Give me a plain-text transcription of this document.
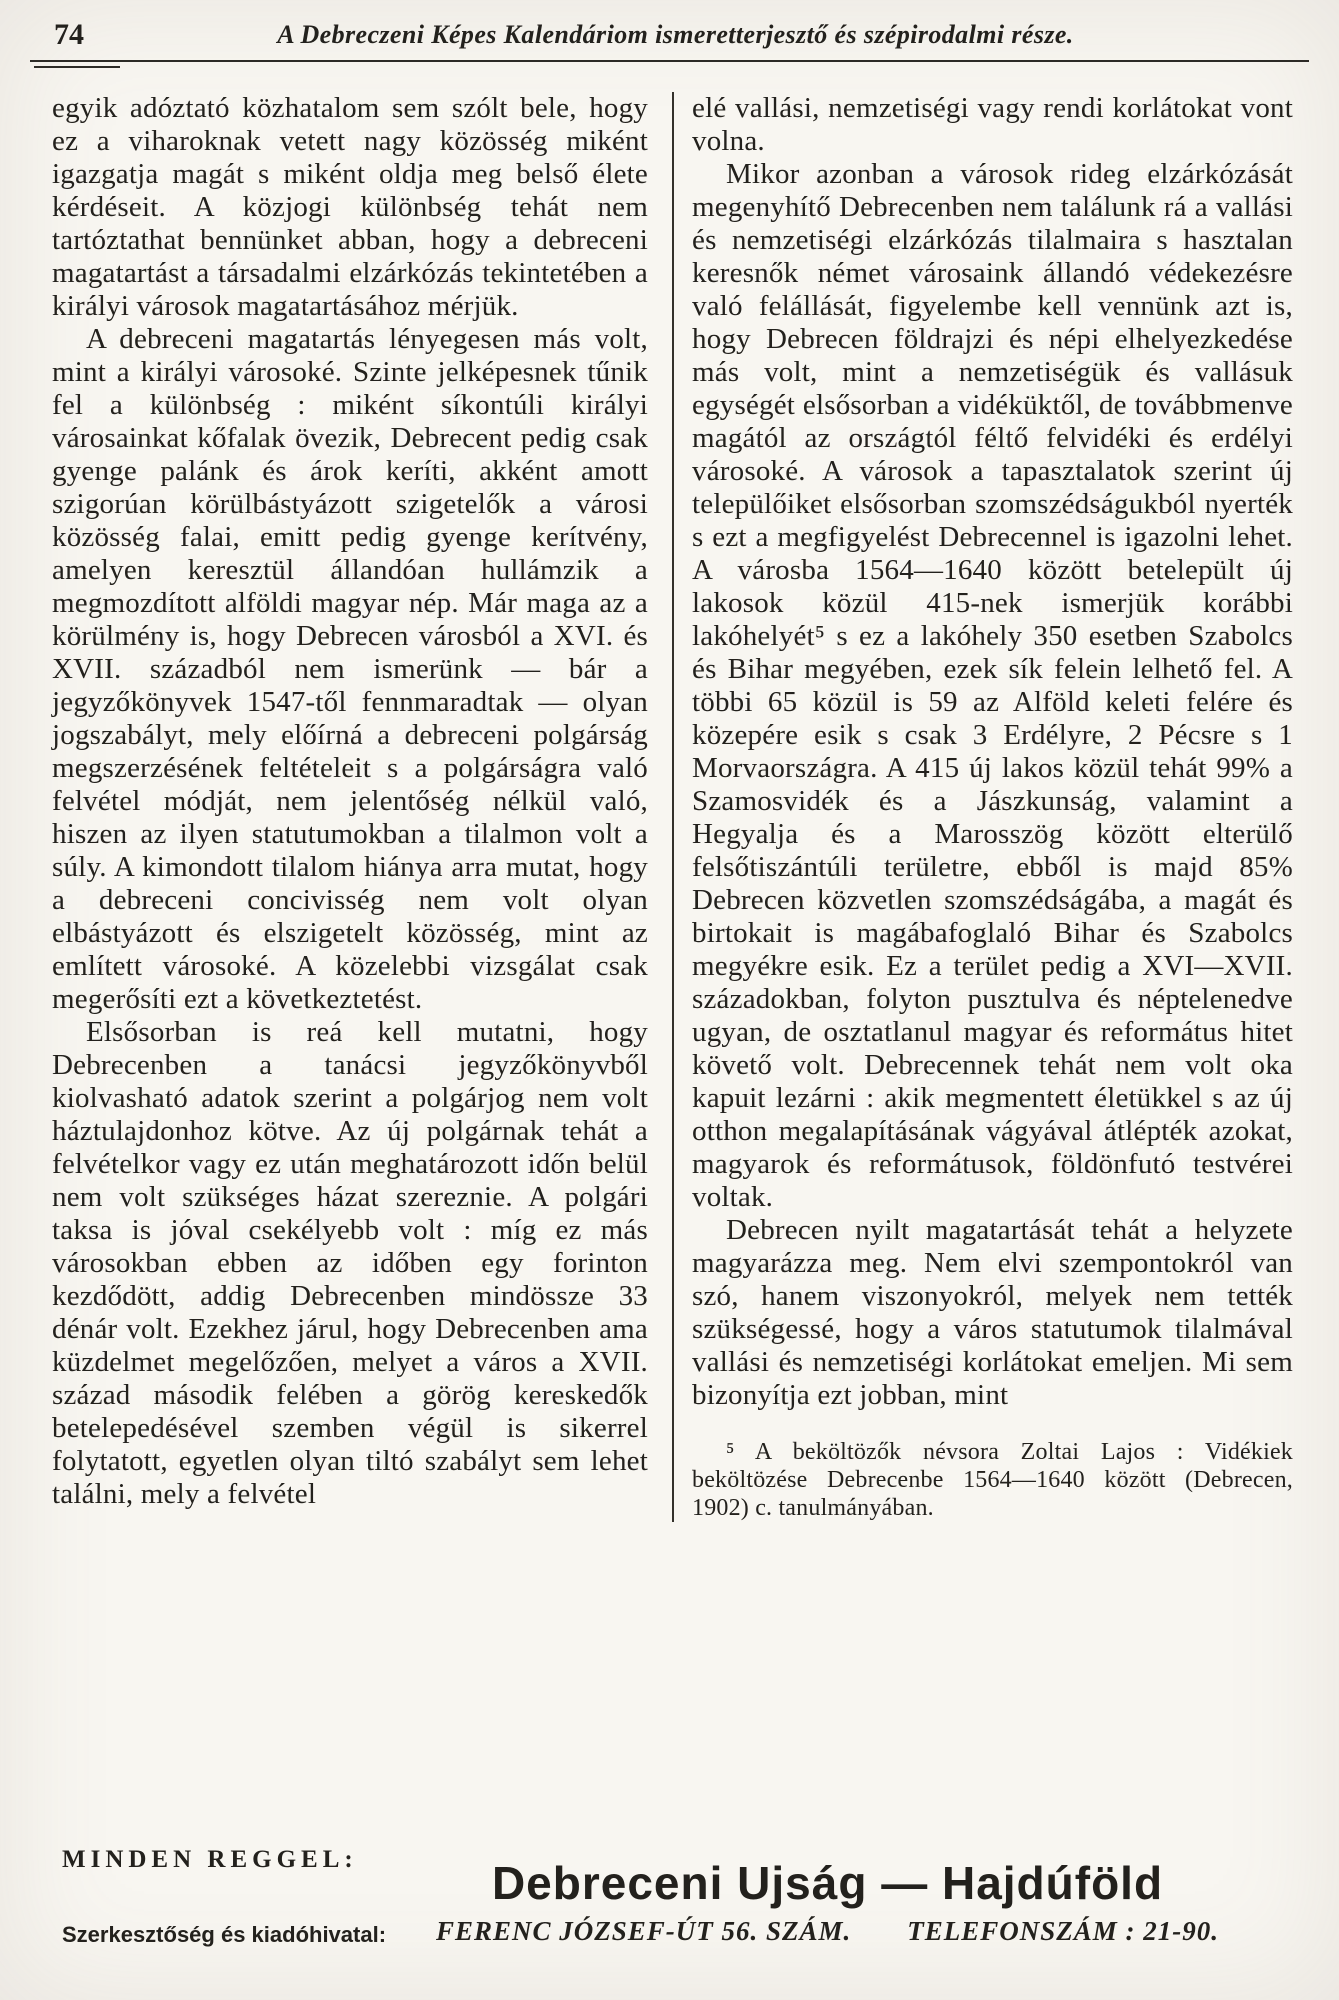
74	A Debreczeni Képes Kalendáriom ismeretterjesztő és szépirodalmi része.

egyik adóztató közhatalom sem szólt bele, hogy ez a viharoknak vetett nagy közösség miként igazgatja magát s miként oldja meg belső élete kérdéseit. A közjogi különbség tehát nem tartóztathat bennünket abban, hogy a debreceni magatartást a társadalmi elzárkózás tekintetében a királyi városok magatartásához mérjük.

A debreceni magatartás lényegesen más volt, mint a királyi városoké. Szinte jelképesnek tűnik fel a különbség : miként síkontúli királyi városainkat kőfalak övezik, Debrecent pedig csak gyenge palánk és árok keríti, akként amott szigorúan körülbástyázott szigetelők a városi közösség falai, emitt pedig gyenge kerítvény, amelyen keresztül állandóan hullámzik a megmozdított alföldi magyar nép. Már maga az a körülmény is, hogy Debrecen városból a XVI. és XVII. századból nem ismerünk — bár a jegyzőkönyvek 1547-től fennmaradtak — olyan jogszabályt, mely előírná a debreceni polgárság megszerzésének feltételeit s a polgárságra való felvétel módját, nem jelentőség nélkül való, hiszen az ilyen statutumokban a tilalmon volt a súly. A kimondott tilalom hiánya arra mutat, hogy a debreceni concivisség nem volt olyan elbástyázott és elszigetelt közösség, mint az említett városoké. A közelebbi vizsgálat csak megerősíti ezt a következtetést.

Elsősorban is reá kell mutatni, hogy Debrecenben a tanácsi jegyzőkönyvből kiolvasható adatok szerint a polgárjog nem volt háztulajdonhoz kötve. Az új polgárnak tehát a felvételkor vagy ez után meghatározott időn belül nem volt szükséges házat szereznie. A polgári taksa is jóval csekélyebb volt : míg ez más városokban ebben az időben egy forinton kezdődött, addig Debrecenben mindössze 33 dénár volt. Ezekhez járul, hogy Debrecenben ama küzdelmet megelőzően, melyet a város a XVII. század második felében a görög kereskedők betelepedésével szemben végül is sikerrel folytatott, egyetlen olyan tiltó szabályt sem lehet találni, mely a felvétel

elé vallási, nemzetiségi vagy rendi korlátokat vont volna.

Mikor azonban a városok rideg elzárkózását megenyhítő Debrecenben nem találunk rá a vallási és nemzetiségi elzárkózás tilalmaira s hasztalan keresnők német városaink állandó védekezésre való felállását, figyelembe kell vennünk azt is, hogy Debrecen földrajzi és népi elhelyezkedése más volt, mint a nemzetiségük és vallásuk egységét elsősorban a vidéküktől, de továbbmenve magától az országtól féltő felvidéki és erdélyi városoké. A városok a tapasztalatok szerint új települőiket elsősorban szomszédságukból nyerték s ezt a megfigyelést Debrecennel is igazolni lehet. A városba 1564—1640 között betelepült új lakosok közül 415-nek ismerjük korábbi lakóhelyét⁵ s ez a lakóhely 350 esetben Szabolcs és Bihar megyében, ezek sík felein lelhető fel. A többi 65 közül is 59 az Alföld keleti felére és közepére esik s csak 3 Erdélyre, 2 Pécsre s 1 Morvaországra. A 415 új lakos közül tehát 99% a Szamosvidék és a Jászkunság, valamint a Hegyalja és a Marosszög között elterülő felsőtiszántúli területre, ebből is majd 85% Debrecen közvetlen szomszédságába, a magát és birtokait is magábafoglaló Bihar és Szabolcs megyékre esik. Ez a terület pedig a XVI—XVII. századokban, folyton pusztulva és néptelenedve ugyan, de osztatlanul magyar és református hitet követő volt. Debrecennek tehát nem volt oka kapuit lezárni : akik megmentett életükkel s az új otthon megalapításának vágyával átlépték azokat, magyarok és reformátusok, földönfutó testvérei voltak.

Debrecen nyilt magatartását tehát a helyzete magyarázza meg. Nem elvi szempontokról van szó, hanem viszonyokról, melyek nem tették szükségessé, hogy a város statutumok tilalmával vallási és nemzetiségi korlátokat emeljen. Mi sem bizonyítja ezt jobban, mint

⁵ A beköltözők névsora Zoltai Lajos : Vidékiek beköltözése Debrecenbe 1564—1640 között (Debrecen, 1902) c. tanulmányában.

MINDEN REGGEL:	Debreceni Ujság — Hajdúföld
Szerkesztőség és kiadóhivatal:	FERENC JÓZSEF-ÚT 56. SZÁM. TELEFONSZÁM : 21-90.
